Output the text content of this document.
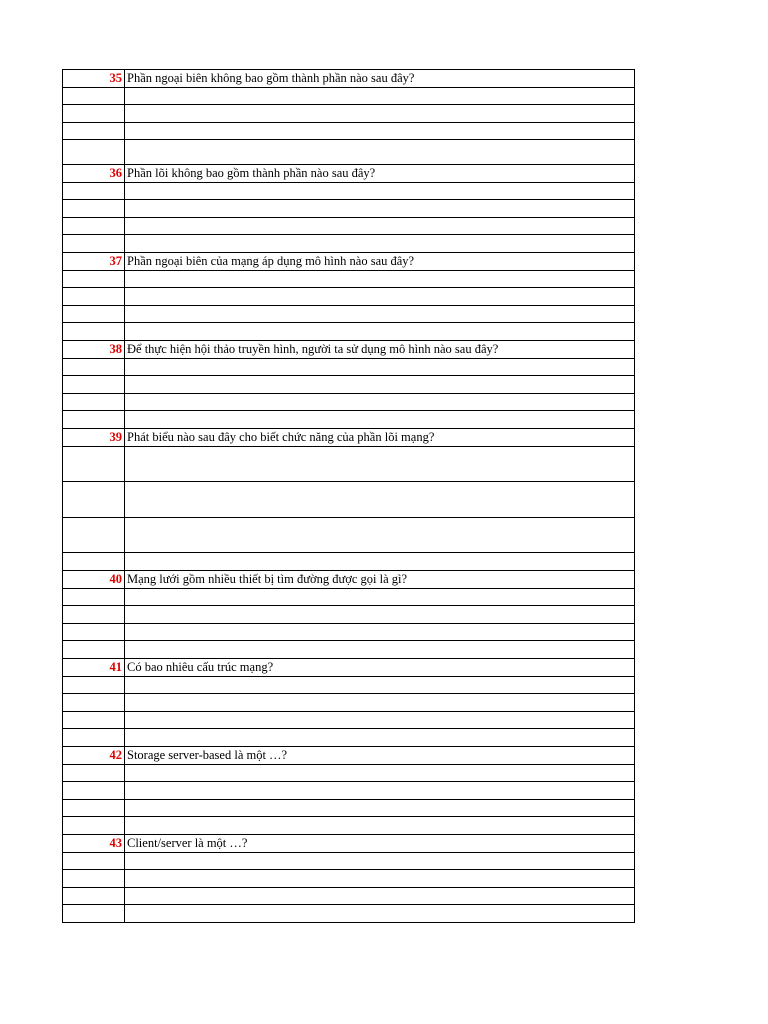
35	Phần ngoại biên không bao gồm thành phần nào sau đây?

36	Phần lõi không bao gồm thành phần nào sau đây?

37	Phần ngoại biên của mạng áp dụng mô hình nào sau đây?

38	Để thực hiện hội thảo truyền hình, người ta sử dụng mô hình nào sau đây?

39	Phát biểu nào sau đây cho biết chức năng của phần lõi mạng?

40	Mạng lưới gồm nhiều thiết bị tìm đường được gọi là gì?

41	Có bao nhiêu cấu trúc mạng?

42	Storage server-based là một …?

43	Client/server là một …?
